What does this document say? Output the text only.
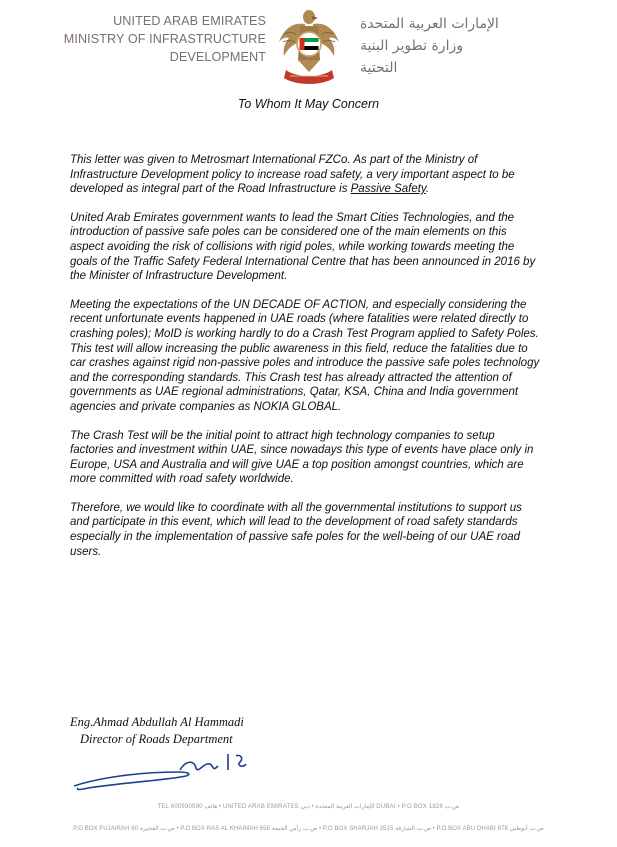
UNITED ARAB EMIRATES
MINISTRY OF INFRASTRUCTURE
DEVELOPMENT
الإمارات العربية المتحدة
وزارة تطوير البنية
التحتية
To Whom It May Concern

This letter was given to Metrosmart International FZCo. As part of the Ministry of Infrastructure Development policy to increase road safety, a very important aspect to be developed as integral part of the Road Infrastructure is Passive Safety.

United Arab Emirates government wants to lead the Smart Cities Technologies, and the introduction of passive safe poles can be considered one of the main elements on this aspect avoiding the risk of collisions with rigid poles, while working towards meeting the goals of the Traffic Safety Federal International Centre that has been announced in 2016 by the Minister of Infrastructure Development.

Meeting the expectations of the UN DECADE OF ACTION, and especially considering the recent unfortunate events happened in UAE roads (where fatalities were related directly to crashing poles); MoID is working hardly to do a Crash Test Program applied to Safety Poles. This test will allow increasing the public awareness in this field, reduce the fatalities due to car crashes against rigid non-passive poles and introduce the passive safe poles technology and the corresponding standards. This Crash test has already attracted the attention of governments as UAE regional administrations, Qatar, KSA, China and India government agencies and private companies as NOKIA GLOBAL.

The Crash Test will be the initial point to attract high technology companies to setup factories and investment within UAE, since nowadays this type of events have place only in Europe, USA and Australia and will give UAE a top position amongst countries, which are more committed with road safety worldwide.

Therefore, we would like to coordinate with all the governmental institutions to support us and participate in this event, which will lead to the development of road safety standards especially in the implementation of passive safe poles for the well-being of our UAE road users.

Eng.Ahmad Abdullah Al Hammadi
Director of Roads Department
TEL 600590590 هاتف • UNITED ARAB EMIRATES الإمارات العربية المتحدة • دبي DUBAI • P.O BOX 1828 ص.ب
P.O BOX FUJAIRAH 60 ص.ب الفجيرة • P.O BOX RAS AL KHAIMAH 658 ص.ب رأس الخيمة • P.O BOX SHARJAH 3515 ص.ب الشارقة • P.O BOX ABU DHABI 878 ص.ب أبوظبي
